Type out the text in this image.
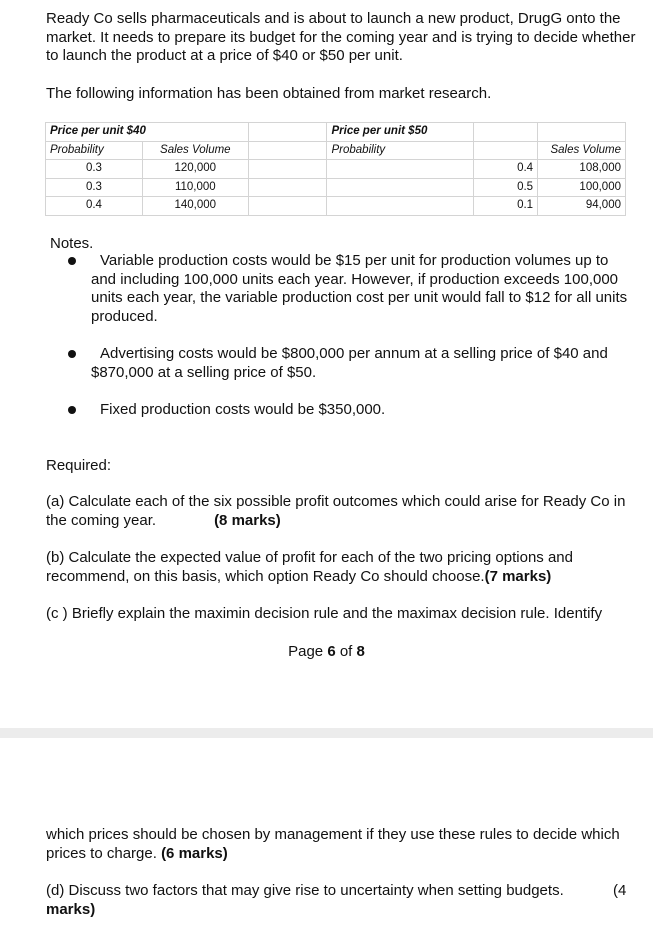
Ready Co sells pharmaceuticals and is about to launch a new product, DrugG onto the market. It needs to prepare its budget for the coming year and is trying to decide whether to launch the product at a price of $40 or $50 per unit.

The following information has been obtained from market research.

Price per unit $40			Price per unit $50		
Probability	Sales Volume		Probability		Sales Volume
0.3	120,000			0.4	108,000
0.3	110,000			0.5	100,000
0.4	140,000			0.1	94,000

Notes.

Variable production costs would be $15 per unit for production volumes up to and including 100,000 units each year. However, if production exceeds 100,000 units each year, the variable production cost per unit would fall to $12 for all units produced.

Advertising costs would be $800,000 per annum at a selling price of $40 and $870,000 at a selling price of $50.

Fixed production costs would be $350,000.

Required:

(a) Calculate each of the six possible profit outcomes which could arise for Ready Co in the coming year.	(8 marks)

(b) Calculate the expected value of profit for each of the two pricing options and recommend, on this basis, which option Ready Co should choose.(7 marks)

(c ) Briefly explain the maximin decision rule and the maximax decision rule. Identify

Page 6 of 8

which prices should be chosen by management if they use these rules to decide which prices to charge. (6 marks)

(d) Discuss two factors that may give rise to uncertainty when setting budgets.	(4
marks)
